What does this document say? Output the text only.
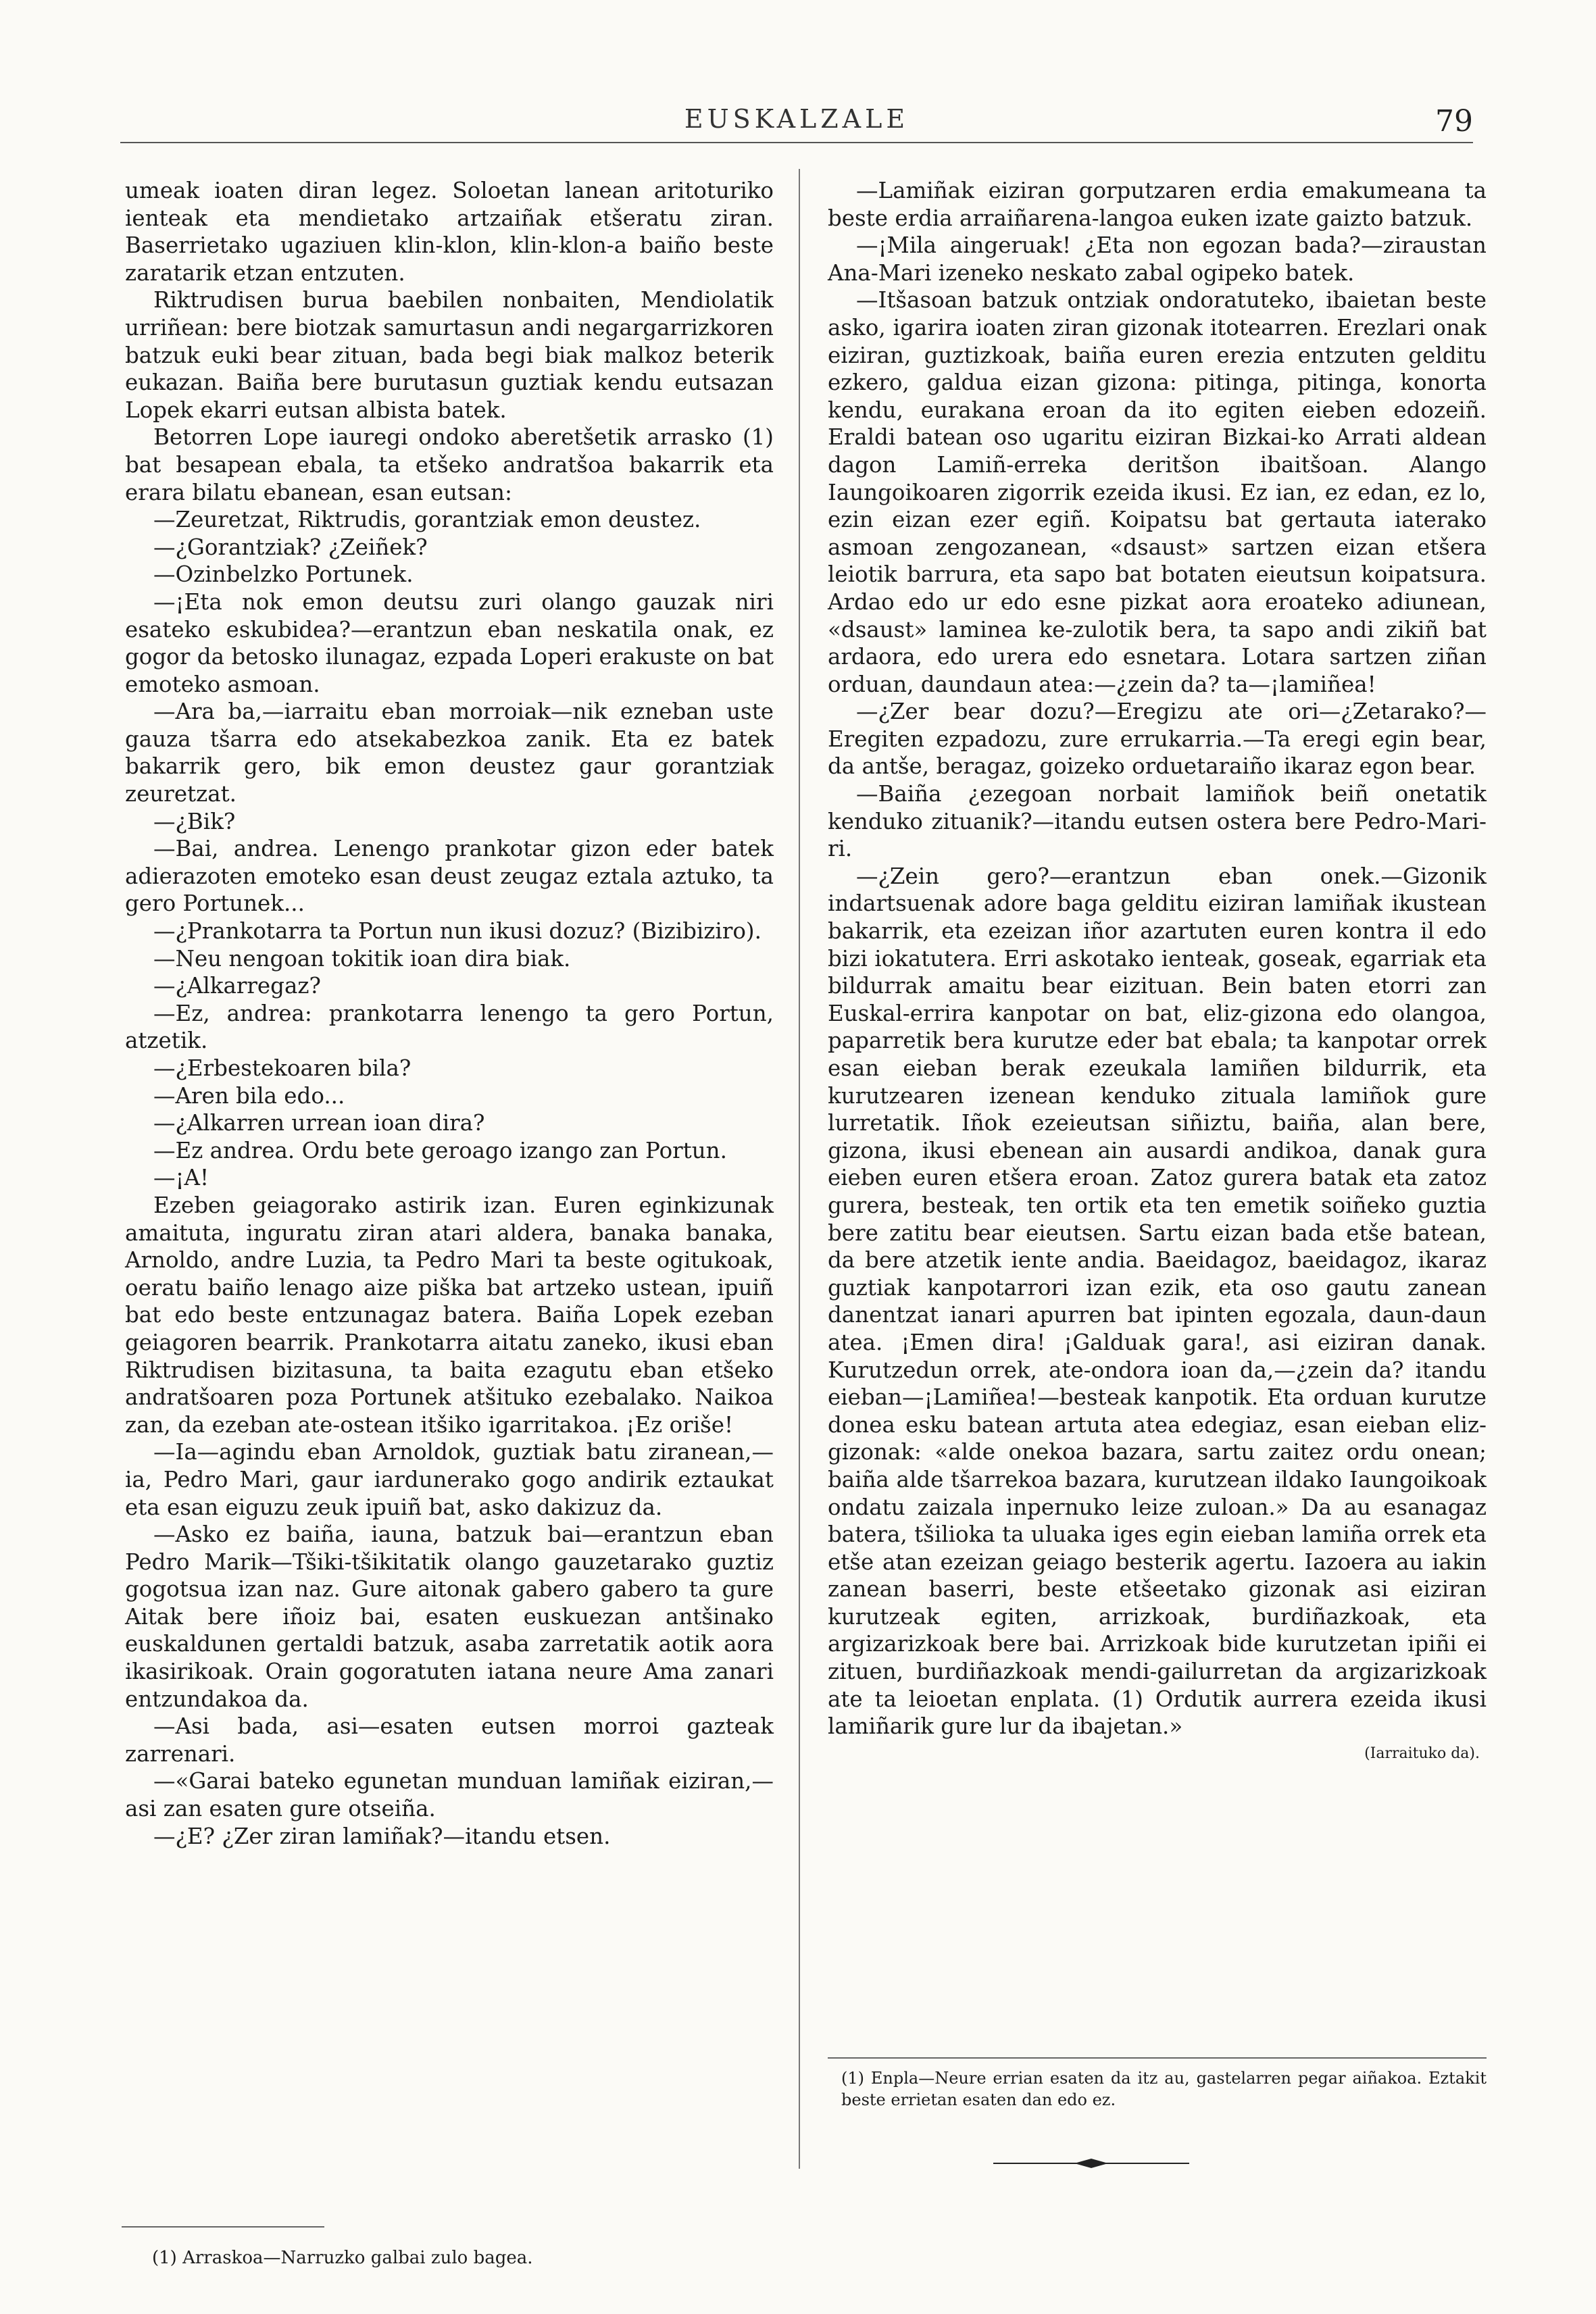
EUSKALZALE	79

umeak ioaten diran legez. Soloetan lanean aritoturiko ienteak eta mendietako artzaiñak etšeratu ziran. Baserrietako ugaziuen klin-klon, klin-klon-a baiño beste zaratarik etzan entzuten.

Riktrudisen burua baebilen nonbaiten, Mendiolatik urriñean: bere biotzak samurtasun andi negargarrizkoren batzuk euki bear zituan, bada begi biak malkoz beterik eukazan. Baiña bere burutasun guztiak kendu eutsazan Lopek ekarri eutsan albista batek.

Betorren Lope iauregi ondoko aberetšetik arrasko (1) bat besapean ebala, ta etšeko andratšoa bakarrik eta erara bilatu ebanean, esan eutsan:

—Zeuretzat, Riktrudis, gorantziak emon deustez.

—¿Gorantziak? ¿Zeiñek?

—Ozinbelzko Portunek.

—¡Eta nok emon deutsu zuri olango gauzak niri esateko eskubidea?—erantzun eban neskatila onak, ez gogor da betosko ilunagaz, ezpada Loperi erakuste on bat emoteko asmoan.

—Ara ba,—iarraitu eban morroiak—nik ezneban uste gauza tšarra edo atsekabezkoa zanik. Eta ez batek bakarrik gero, bik emon deustez gaur gorantziak zeuretzat.

—¿Bik?

—Bai, andrea. Lenengo prankotar gizon eder batek adierazoten emoteko esan deust zeugaz eztala aztuko, ta gero Portunek...

—¿Prankotarra ta Portun nun ikusi dozuz? (Bizibiziro).

—Neu nengoan tokitik ioan dira biak.

—¿Alkarregaz?

—Ez, andrea: prankotarra lenengo ta gero Portun, atzetik.

—¿Erbestekoaren bila?

—Aren bila edo...

—¿Alkarren urrean ioan dira?

—Ez andrea. Ordu bete geroago izango zan Portun.

—¡A!

Ezeben geiagorako astirik izan. Euren eginkizunak amaituta, inguratu ziran atari aldera, banaka banaka, Arnoldo, andre Luzia, ta Pedro Mari ta beste ogitukoak, oeratu baiño lenago aize piška bat artzeko ustean, ipuiñ bat edo beste entzunagaz batera. Baiña Lopek ezeban geiagoren bearrik. Prankotarra aitatu zaneko, ikusi eban Riktrudisen bizitasuna, ta baita ezagutu eban etšeko andratšoaren poza Portunek atšituko ezebalako. Naikoa zan, da ezeban ate-ostean itšiko igarritakoa. ¡Ez oriše!

—Ia—agindu eban Arnoldok, guztiak batu ziranean,—ia, Pedro Mari, gaur iardunerako gogo andirik eztaukat eta esan eiguzu zeuk ipuiñ bat, asko dakizuz da.

—Asko ez baiña, iauna, batzuk bai—erantzun eban Pedro Marik—Tšiki-tšikitatik olango gauzetarako guztiz gogotsua izan naz. Gure aitonak gabero gabero ta gure Aitak bere iñoiz bai, esaten euskuezan antšinako euskaldunen gertaldi batzuk, asaba zarretatik aotik aora ikasirikoak. Orain gogoratuten iatana neure Ama zanari entzundakoa da.

—Asi bada, asi—esaten eutsen morroi gazteak zarrenari.

—«Garai bateko egunetan munduan lamiñak eiziran,—asi zan esaten gure otseiña.

—¿E? ¿Zer ziran lamiñak?—itandu etsen.

—Lamiñak eiziran gorputzaren erdia emakumeana ta beste erdia arraiñarena-langoa euken izate gaizto batzuk.

—¡Mila aingeruak! ¿Eta non egozan bada?—ziraustan Ana-Mari izeneko neskato zabal ogipeko batek.

—Itšasoan batzuk ontziak ondoratuteko, ibaietan beste asko, igarira ioaten ziran gizonak itotearren. Erezlari onak eiziran, guztizkoak, baiña euren erezia entzuten gelditu ezkero, galdua eizan gizona: pitinga, pitinga, konorta kendu, eurakana eroan da ito egiten eieben edozeiñ. Eraldi batean oso ugaritu eiziran Bizkai-ko Arrati aldean dagon Lamiñ-erreka deritšon ibaitšoan. Alango Iaungoikoaren zigorrik ezeida ikusi. Ez ian, ez edan, ez lo, ezin eizan ezer egiñ. Koipatsu bat gertauta iaterako asmoan zengozanean, «dsaust» sartzen eizan etšera leiotik barrura, eta sapo bat botaten eieutsun koipatsura. Ardao edo ur edo esne pizkat aora eroateko adiunean, «dsaust» laminea ke-zulotik bera, ta sapo andi zikiñ bat ardaora, edo urera edo esnetara. Lotara sartzen ziñan orduan, daundaun atea:—¿zein da? ta—¡lamiñea!

—¿Zer bear dozu?—Eregizu ate ori—¿Zetarako?—Eregiten ezpadozu, zure errukarria.—Ta eregi egin bear, da antše, beragaz, goizeko orduetaraiño ikaraz egon bear.

—Baiña ¿ezegoan norbait lamiñok beiñ onetatik kenduko zituanik?—itandu eutsen ostera bere Pedro-Mari-ri.

—¿Zein gero?—erantzun eban onek.—Gizonik indartsuenak adore baga gelditu eiziran lamiñak ikustean bakarrik, eta ezeizan iñor azartuten euren kontra il edo bizi iokatutera. Erri askotako ienteak, goseak, egarriak eta bildurrak amaitu bear eizituan. Bein baten etorri zan Euskal-errira kanpotar on bat, eliz-gizona edo olangoa, paparretik bera kurutze eder bat ebala; ta kanpotar orrek esan eieban berak ezeukala lamiñen bildurrik, eta kurutzearen izenean kenduko zituala lamiñok gure lurretatik. Iñok ezeieutsan siñiztu, baiña, alan bere, gizona, ikusi ebenean ain ausardi andikoa, danak gura eieben euren etšera eroan. Zatoz gurera batak eta zatoz gurera, besteak, ten ortik eta ten emetik soiñeko guztia bere zatitu bear eieutsen. Sartu eizan bada etše batean, da bere atzetik iente andia. Baeidagoz, baeidagoz, ikaraz guztiak kanpotarrori izan ezik, eta oso gautu zanean danentzat ianari apurren bat ipinten egozala, daun-daun atea. ¡Emen dira! ¡Galduak gara!, asi eiziran danak. Kurutzedun orrek, ate-ondora ioan da,—¿zein da? itandu eieban—¡Lamiñea!—besteak kanpotik. Eta orduan kurutze donea esku batean artuta atea edegiaz, esan eieban eliz-gizonak: «alde onekoa bazara, sartu zaitez ordu onean; baiña alde tšarrekoa bazara, kurutzean ildako Iaungoikoak ondatu zaizala inpernuko leize zuloan.» Da au esanagaz batera, tšilioka ta uluaka iges egin eieban lamiña orrek eta etše atan ezeizan geiago besterik agertu. Iazoera au iakin zanean baserri, beste etšeetako gizonak asi eiziran kurutzeak egiten, arrizkoak, burdiñazkoak, eta argizarizkoak bere bai. Arrizkoak bide kurutzetan ipiñi ei zituen, burdiñazkoak mendi-gailurretan da argizarizkoak ate ta leioetan enplata. (1) Ordutik aurrera ezeida ikusi lamiñarik gure lur da ibajetan.»

(Iarraituko da).
(1) Enpla—Neure errian esaten da itz au, gastelarren pegar aiñakoa. Eztakit beste errietan esaten dan edo ez.
(1) Arraskoa—Narruzko galbai zulo bagea.
